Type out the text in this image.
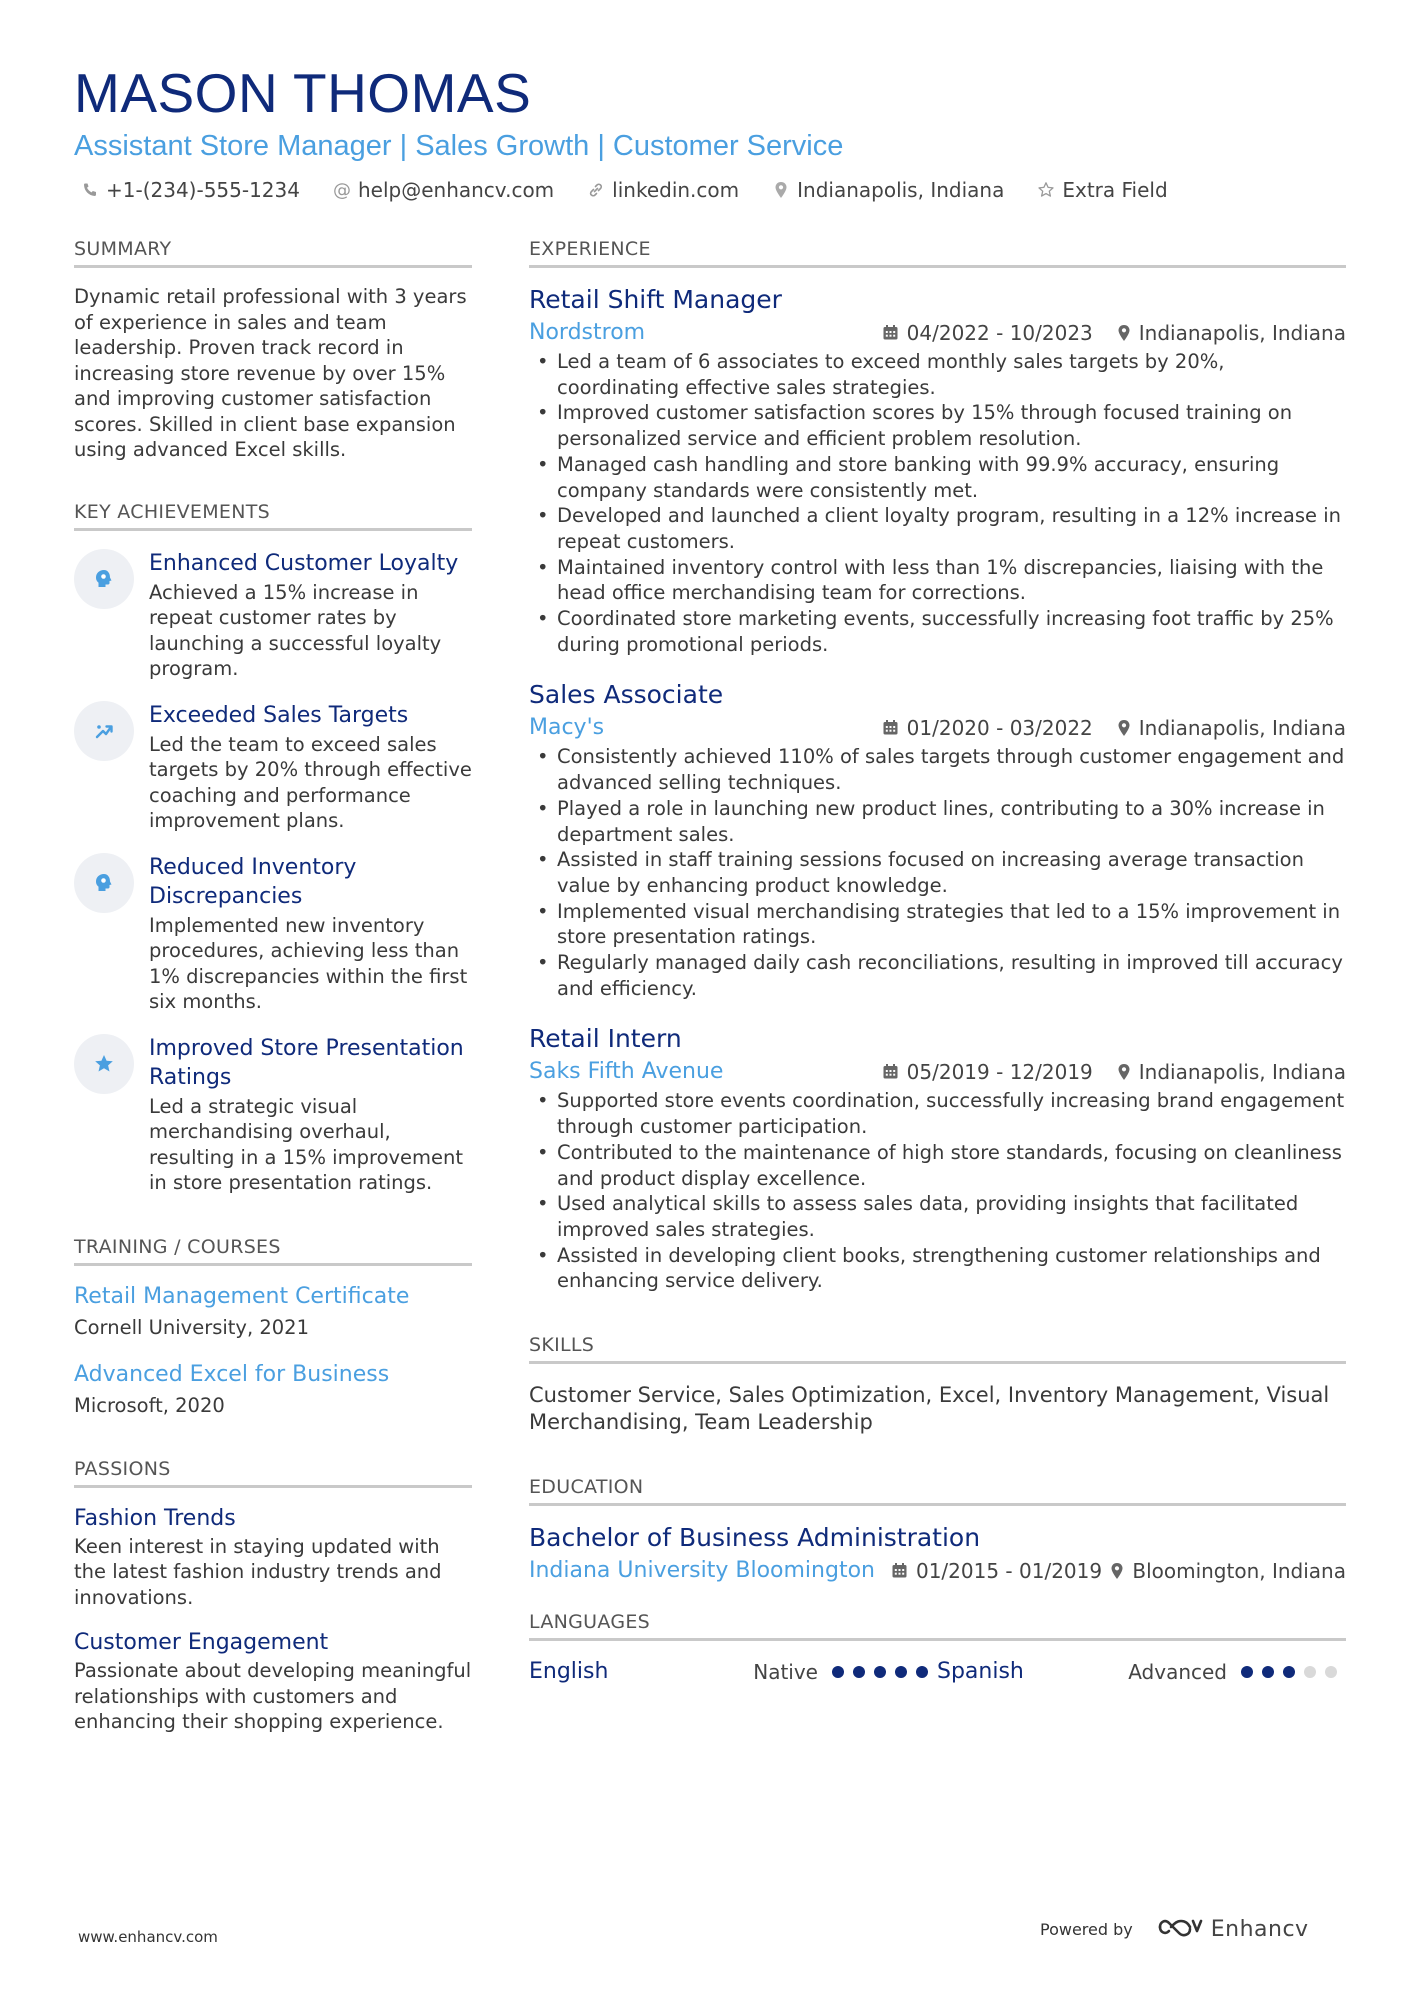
MASON THOMAS
Assistant Store Manager | Sales Growth | Customer Service
+1-(234)-555-1234 @ help@enhancv.com	linkedin.com	Indianapolis, Indiana	Extra Field
SUMMARY
Dynamic retail professional with 3 years of experience in sales and team leadership. Proven track record in increasing store revenue by over 15% and improving customer satisfaction scores. Skilled in client base expansion using advanced Excel skills.
KEY ACHIEVEMENTS
Enhanced Customer Loyalty
Achieved a 15% increase in repeat customer rates by launching a successful loyalty program.
Exceeded Sales Targets
Led the team to exceed sales targets by 20% through effective coaching and performance improvement plans.
Reduced Inventory Discrepancies
Implemented new inventory procedures, achieving less than 1% discrepancies within the first six months.
Improved Store Presentation Ratings
Led a strategic visual merchandising overhaul, resulting in a 15% improvement in store presentation ratings.
TRAINING / COURSES
Retail Management Certificate
Cornell University, 2021
Advanced Excel for Business
Microsoft, 2020
PASSIONS
Fashion Trends
Keen interest in staying updated with the latest fashion industry trends and innovations.
Customer Engagement
Passionate about developing meaningful relationships with customers and enhancing their shopping experience.
EXPERIENCE
Retail Shift Manager
Nordstrom	04/2022 - 10/2023 Indianapolis, Indiana
• Led a team of 6 associates to exceed monthly sales targets by 20%, coordinating effective sales strategies.
• Improved customer satisfaction scores by 15% through focused training on personalized service and efficient problem resolution.
• Managed cash handling and store banking with 99.9% accuracy, ensuring company standards were consistently met.
• Developed and launched a client loyalty program, resulting in a 12% increase in repeat customers.
• Maintained inventory control with less than 1% discrepancies, liaising with the head office merchandising team for corrections.
• Coordinated store marketing events, successfully increasing foot traffic by 25% during promotional periods.
Sales Associate
Macy's	01/2020 - 03/2022 Indianapolis, Indiana
• Consistently achieved 110% of sales targets through customer engagement and advanced selling techniques.
• Played a role in launching new product lines, contributing to a 30% increase in department sales.
• Assisted in staff training sessions focused on increasing average transaction value by enhancing product knowledge.
• Implemented visual merchandising strategies that led to a 15% improvement in store presentation ratings.
• Regularly managed daily cash reconciliations, resulting in improved till accuracy and efficiency.
Retail Intern
Saks Fifth Avenue	05/2019 - 12/2019 Indianapolis, Indiana
• Supported store events coordination, successfully increasing brand engagement through customer participation.
• Contributed to the maintenance of high store standards, focusing on cleanliness and product display excellence.
• Used analytical skills to assess sales data, providing insights that facilitated improved sales strategies.
• Assisted in developing client books, strengthening customer relationships and enhancing service delivery.
SKILLS
Customer Service, Sales Optimization, Excel, Inventory Management, Visual Merchandising, Team Leadership
EDUCATION
Bachelor of Business Administration
Indiana University Bloomington 01/2015 - 01/2019 Bloomington, Indiana
LANGUAGES
English	Native	Spanish	Advanced
www.enhancv.com	Powered by	Enhancv
